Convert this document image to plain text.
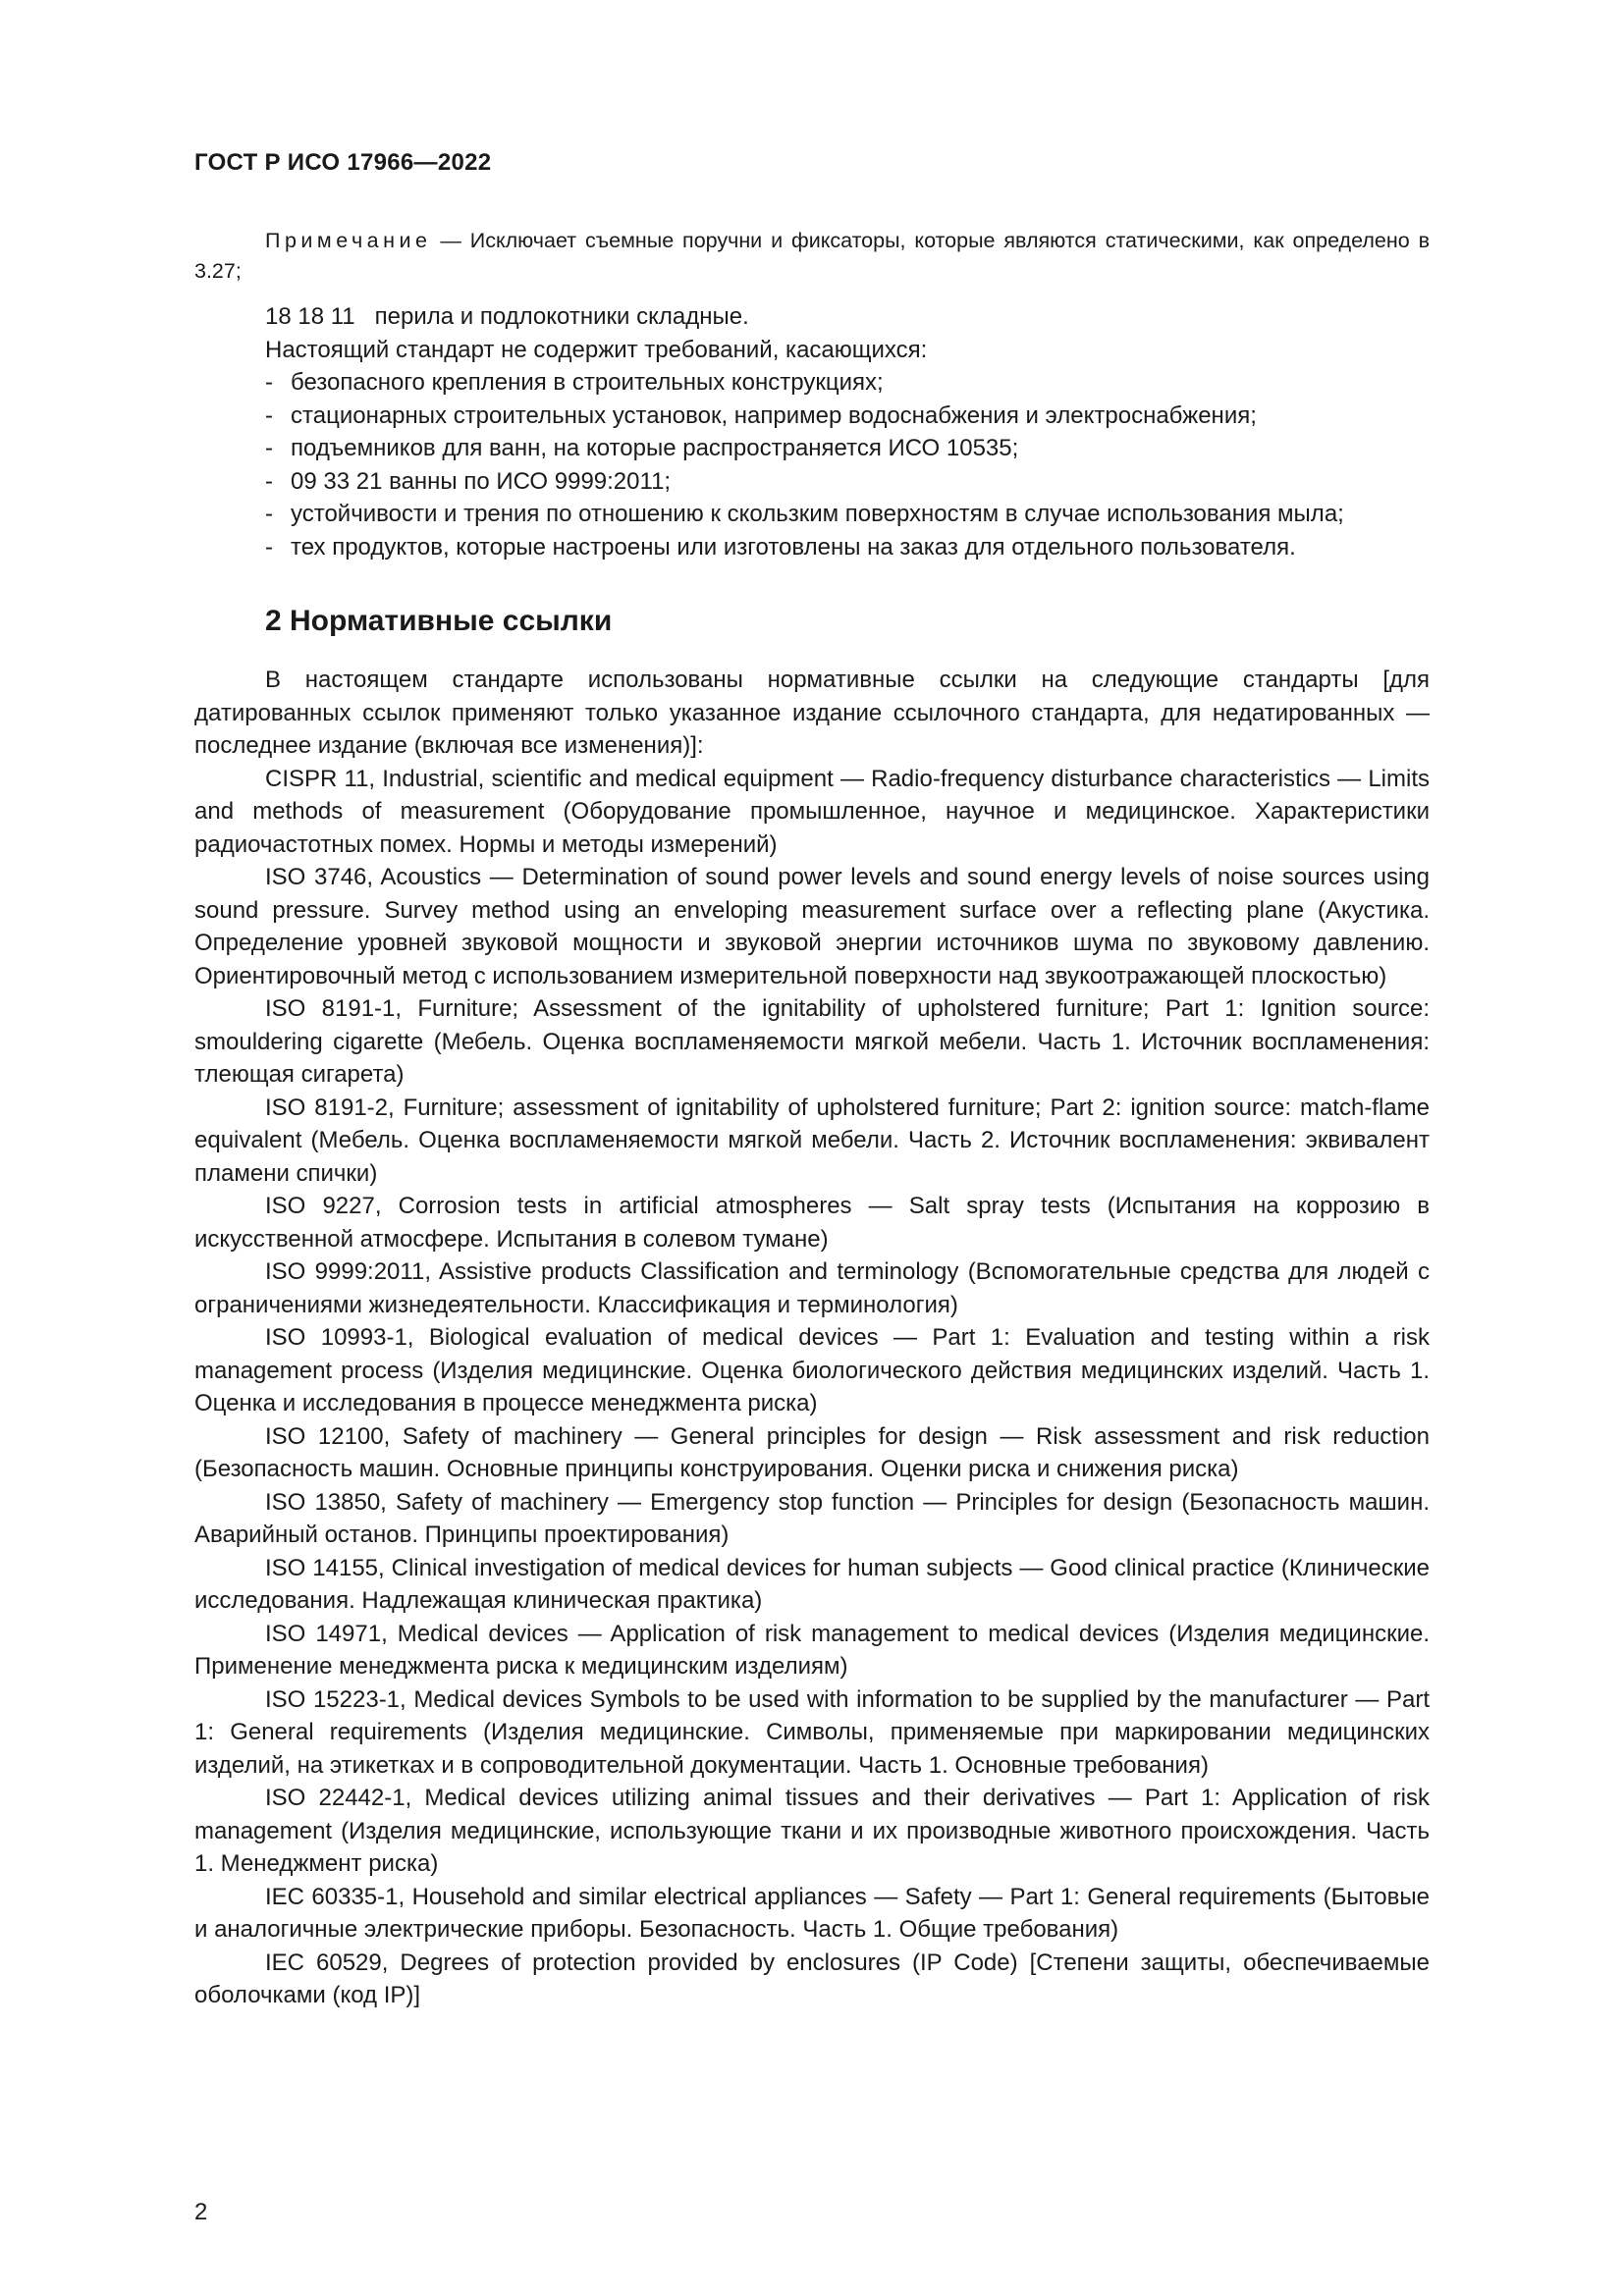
ГОСТ Р ИСО 17966—2022

Примечание — Исключает съемные поручни и фиксаторы, которые являются статическими, как определено в 3.27;

18 18 11   перила и подлокотники складные.

Настоящий стандарт не содержит требований, касающихся:

- безопасного крепления в строительных конструкциях;
- стационарных строительных установок, например водоснабжения и электроснабжения;
- подъемников для ванн, на которые распространяется ИСО 10535;
- 09 33 21 ванны по ИСО 9999:2011;
- устойчивости и трения по отношению к скользким поверхностям в случае использования мыла;
- тех продуктов, которые настроены или изготовлены на заказ для отдельного пользователя.
2 Нормативные ссылки

В настоящем стандарте использованы нормативные ссылки на следующие стандарты [для датированных ссылок применяют только указанное издание ссылочного стандарта, для недатированных — последнее издание (включая все изменения)]:

CISPR 11, Industrial, scientific and medical equipment — Radio-frequency disturbance characteristics — Limits and methods of measurement (Оборудование промышленное, научное и медицинское. Характеристики радиочастотных помех. Нормы и методы измерений)

ISO 3746, Acoustics — Determination of sound power levels and sound energy levels of noise sources using sound pressure. Survey method using an enveloping measurement surface over a reflecting plane (Акустика. Определение уровней звуковой мощности и звуковой энергии источников шума по звуковому давлению. Ориентировочный метод с использованием измерительной поверхности над звукоотражающей плоскостью)

ISO 8191-1, Furniture; Assessment of the ignitability of upholstered furniture; Part 1: Ignition source: smouldering cigarette (Мебель. Оценка воспламеняемости мягкой мебели. Часть 1. Источник воспламенения: тлеющая сигарета)

ISO 8191-2, Furniture; assessment of ignitability of upholstered furniture; Part 2: ignition source: match-flame equivalent (Мебель. Оценка воспламеняемости мягкой мебели. Часть 2. Источник воспламенения: эквивалент пламени спички)

ISO 9227, Corrosion tests in artificial atmospheres — Salt spray tests (Испытания на коррозию в искусственной атмосфере. Испытания в солевом тумане)

ISO 9999:2011, Assistive products Classification and terminology (Вспомогательные средства для людей с ограничениями жизнедеятельности. Классификация и терминология)

ISO 10993-1, Biological evaluation of medical devices — Part 1: Evaluation and testing within a risk management process (Изделия медицинские. Оценка биологического действия медицинских изделий. Часть 1. Оценка и исследования в процессе менеджмента риска)

ISO 12100, Safety of machinery — General principles for design — Risk assessment and risk reduction (Безопасность машин. Основные принципы конструирования. Оценки риска и снижения риска)

ISO 13850, Safety of machinery — Emergency stop function — Principles for design (Безопасность машин. Аварийный останов. Принципы проектирования)

ISO 14155, Clinical investigation of medical devices for human subjects — Good clinical practice (Клинические исследования. Надлежащая клиническая практика)

ISO 14971, Medical devices — Application of risk management to medical devices (Изделия медицинские. Применение менеджмента риска к медицинским изделиям)

ISO 15223-1, Medical devices Symbols to be used with information to be supplied by the manufacturer — Part 1: General requirements (Изделия медицинские. Символы, применяемые при маркировании медицинских изделий, на этикетках и в сопроводительной документации. Часть 1. Основные требования)

ISO 22442-1, Medical devices utilizing animal tissues and their derivatives — Part 1: Application of risk management (Изделия медицинские, использующие ткани и их производные животного происхождения. Часть 1. Менеджмент риска)

IEC 60335-1, Household and similar electrical appliances — Safety — Part 1: General requirements (Бытовые и аналогичные электрические приборы. Безопасность. Часть 1. Общие требования)

IEC 60529, Degrees of protection provided by enclosures (IP Code) [Степени защиты, обеспечиваемые оболочками (код IP)]

2
